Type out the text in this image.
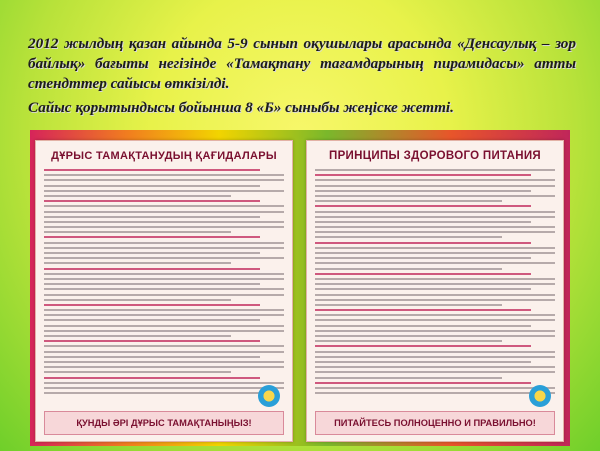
2012 жылдың қазан айында 5-9 сынып оқушылары арасында «Денсаулық – зор байлық» бағыты негізінде «Тамақтану тағамдарының пирамидасы» атты стендттер сайысы өткізілді.

Сайыс қорытындысы бойынша 8 «Б» сыныбы жеңіске жетті.

ДҰРЫС ТАМАҚТАНУДЫҢ ҚАҒИДАЛАРЫ
ҚУНДЫ ӘРІ ДҰРЫС ТАМАҚТАНЫҢЫЗ!
ПРИНЦИПЫ ЗДОРОВОГО ПИТАНИЯ
ПИТАЙТЕСЬ ПОЛНОЦЕННО И ПРАВИЛЬНО!
